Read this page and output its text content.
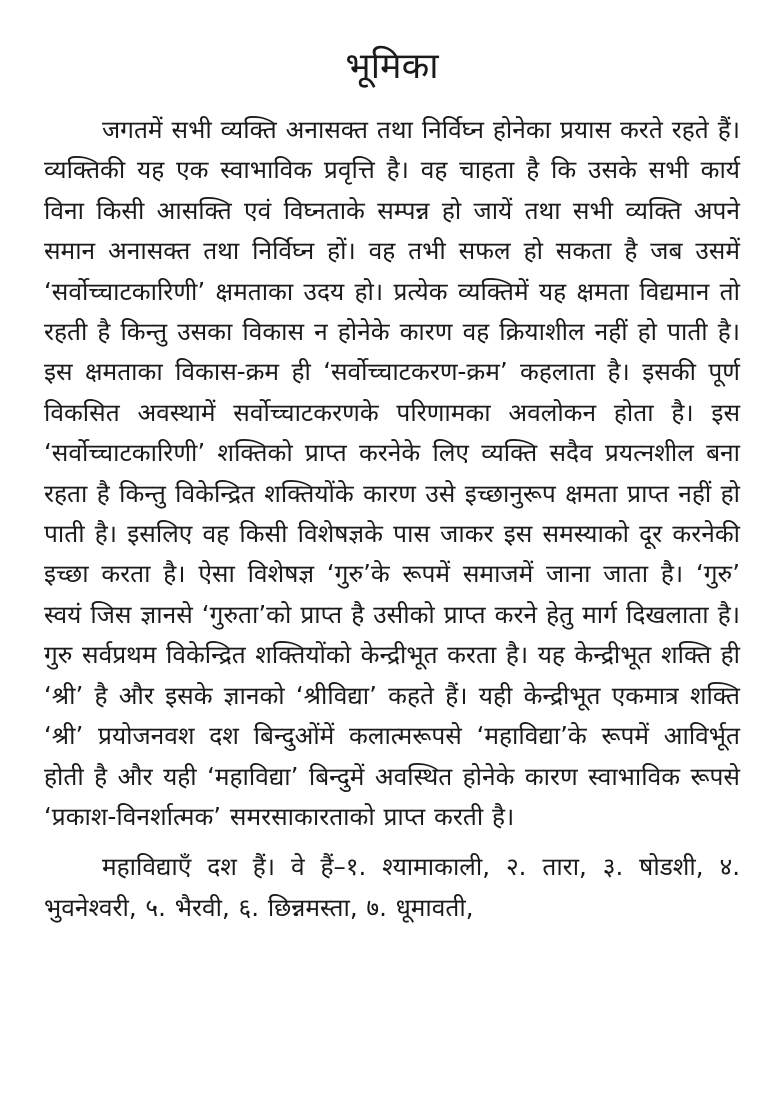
भूमिका

जगतमें सभी व्यक्ति अनासक्त तथा निर्विघ्न होनेका प्रयास करते रहते हैं। व्यक्तिकी यह एक स्वाभाविक प्रवृत्ति है। वह चाहता है कि उसके सभी कार्य विना किसी आसक्ति एवं विघ्नताके सम्पन्न हो जायें तथा सभी व्यक्ति अपने समान अनासक्त तथा निर्विघ्न हों। वह तभी सफल हो सकता है जब उसमें ‘सर्वोच्चाटकारिणी’ क्षमताका उदय हो। प्रत्येक व्यक्तिमें यह क्षमता विद्यमान तो रहती है किन्तु उसका विकास न होनेके कारण वह क्रियाशील नहीं हो पाती है। इस क्षमताका विकास-क्रम ही ‘सर्वोच्चाटकरण-क्रम’ कहलाता है। इसकी पूर्ण विकसित अवस्थामें सर्वोच्चाटकरणके परिणामका अवलोकन होता है। इस ‘सर्वोच्चाटकारिणी’ शक्तिको प्राप्त करनेके लिए व्यक्ति सदैव प्रयत्नशील बना रहता है किन्तु विकेन्द्रित शक्तियोंके कारण उसे इच्छानुरूप क्षमता प्राप्त नहीं हो पाती है। इसलिए वह किसी विशेषज्ञके पास जाकर इस समस्याको दूर करनेकी इच्छा करता है। ऐसा विशेषज्ञ ‘गुरु’के रूपमें समाजमें जाना जाता है। ‘गुरु’ स्वयं जिस ज्ञानसे ‘गुरुता’को प्राप्त है उसीको प्राप्त करने हेतु मार्ग दिखलाता है। गुरु सर्वप्रथम विकेन्द्रित शक्तियोंको केन्द्रीभूत करता है। यह केन्द्रीभूत शक्ति ही ‘श्री’ है और इसके ज्ञानको ‘श्रीविद्या’ कहते हैं। यही केन्द्रीभूत एकमात्र शक्ति ‘श्री’ प्रयोजनवश दश बिन्दुओंमें कलात्मरूपसे ‘महाविद्या’के रूपमें आविर्भूत होती है और यही ‘महाविद्या’ बिन्दुमें अवस्थित होनेके कारण स्वाभाविक रूपसे ‘प्रकाश-विनर्शात्मक’ समरसाकारताको प्राप्त करती है।

महाविद्याएँ दश हैं। वे हैं–१. श्यामाकाली, २. तारा, ३. षोडशी, ४. भुवनेश्वरी, ५. भैरवी, ६. छिन्नमस्ता, ७. धूमावती,
